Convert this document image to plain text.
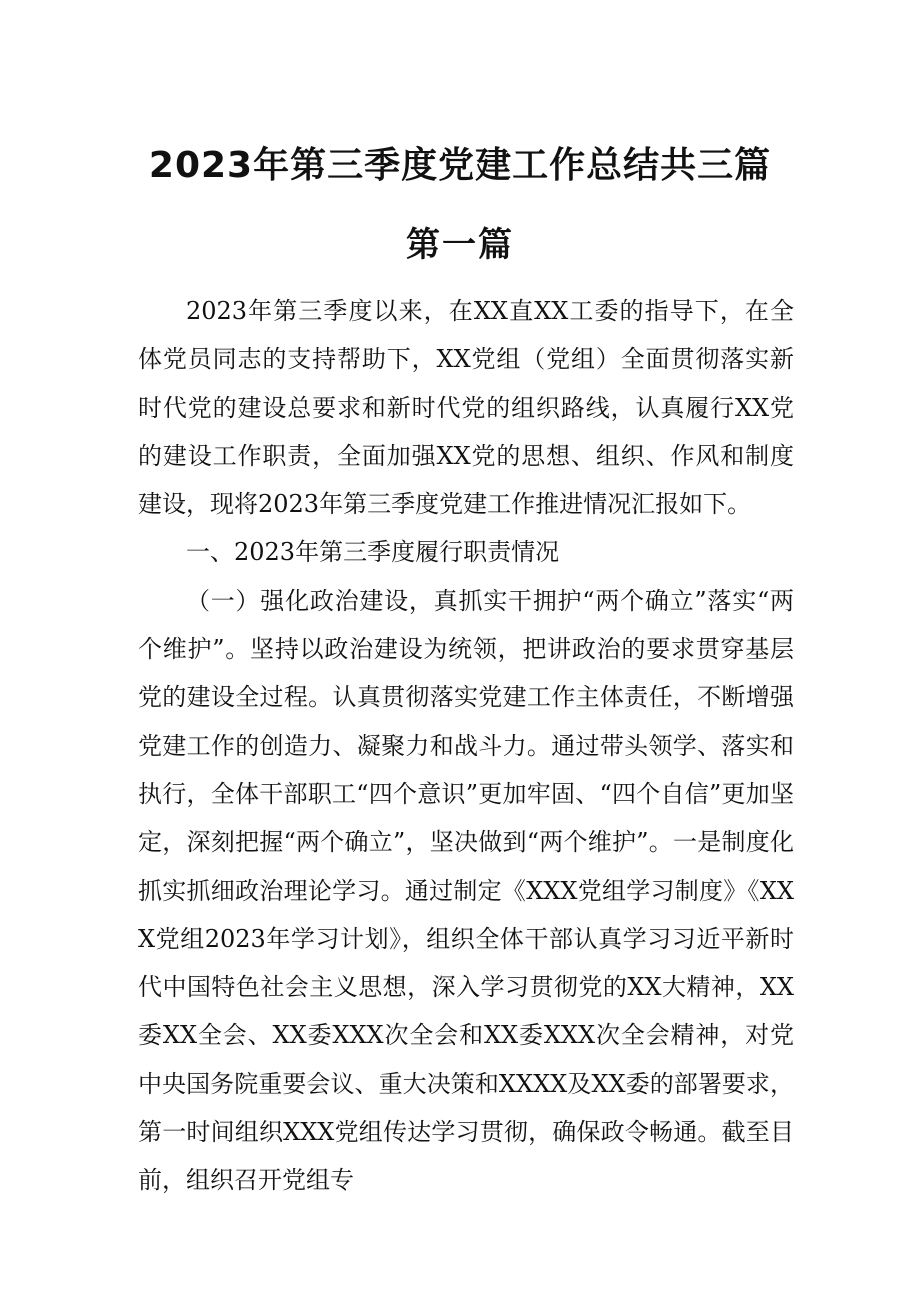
2023年第三季度党建工作总结共三篇
第一篇

2023年第三季度以来，在XX直XX工委的指导下，在全体党员同志的支持帮助下，XX党组（党组）全面贯彻落实新时代党的建设总要求和新时代党的组织路线，认真履行XX党的建设工作职责，全面加强XX党的思想、组织、作风和制度建设，现将2023年第三季度党建工作推进情况汇报如下。

一、2023年第三季度履行职责情况

（一）强化政治建设，真抓实干拥护“两个确立”落实“两个维护”。坚持以政治建设为统领，把讲政治的要求贯穿基层党的建设全过程。认真贯彻落实党建工作主体责任，不断增强党建工作的创造力、凝聚力和战斗力。通过带头领学、落实和执行，全体干部职工“四个意识”更加牢固、“四个自信”更加坚定，深刻把握“两个确立”，坚决做到“两个维护”。一是制度化抓实抓细政治理论学习。通过制定《XXX党组学习制度》《XXX党组2023年学习计划》，组织全体干部认真学习习近平新时代中国特色社会主义思想，深入学习贯彻党的XX大精神，XX委XX全会、XX委XXX次全会和XX委XXX次全会精神，对党中央国务院重要会议、重大决策和XXXX及XX委的部署要求，第一时间组织XXX党组传达学习贯彻，确保政令畅通。截至目前，组织召开党组专
